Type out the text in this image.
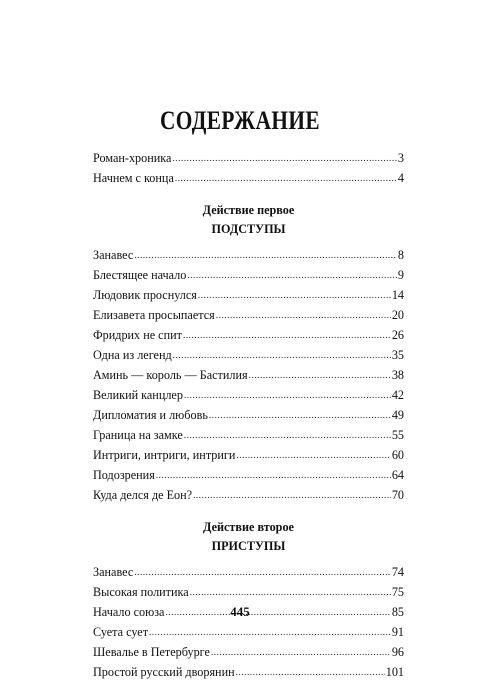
СОДЕРЖАНИЕ
Роман-хроника .....	3
Начнем с конца .....	4
Действие первое
ПОДСТУПЫ
Занавес .....	8
Блестящее начало .....	9
Людовик проснулся .....	14
Елизавета просыпается .....	20
Фридрих не спит .....	26
Одна из легенд .....	35
Аминь — король — Бастилия .....	38
Великий канцлер .....	42
Дипломатия и любовь .....	49
Граница на замке .....	55
Интриги, интриги, интриги .....	60
Подозрения .....	64
Куда делся де Еон? .....	70
Действие второе
ПРИСТУПЫ
Занавес .....	74
Высокая политика .....	75
Начало союза .....	85
Суета сует .....	91
Шевалье в Петербурге .....	96
Простой русский дворянин .....	101
445
